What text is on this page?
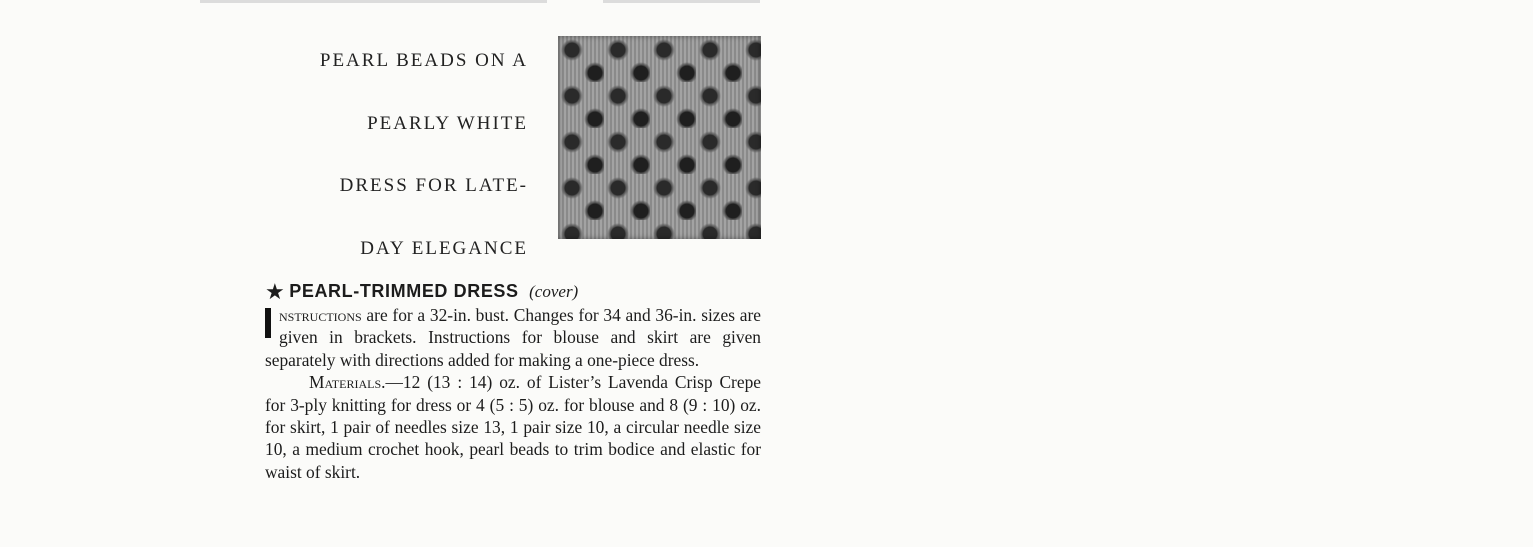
PEARL BEADS ON A
PEARLY WHITE
DRESS FOR LATE-
DAY ELEGANCE
★ PEARL-TRIMMED DRESS (cover)

nstructions are for a 32-in. bust. Changes for 34 and 36-in. sizes are given in brackets. Instructions for blouse and skirt are given separately with directions added for making a one-piece dress.

Materials.—12 (13 : 14) oz. of Lister’s Lavenda Crisp Crepe for 3-ply knitting for dress or 4 (5 : 5) oz. for blouse and 8 (9 : 10) oz. for skirt, 1 pair of needles size 13, 1 pair size 10, a circular needle size 10, a medium crochet hook, pearl beads to trim bodice and elastic for waist of skirt.
